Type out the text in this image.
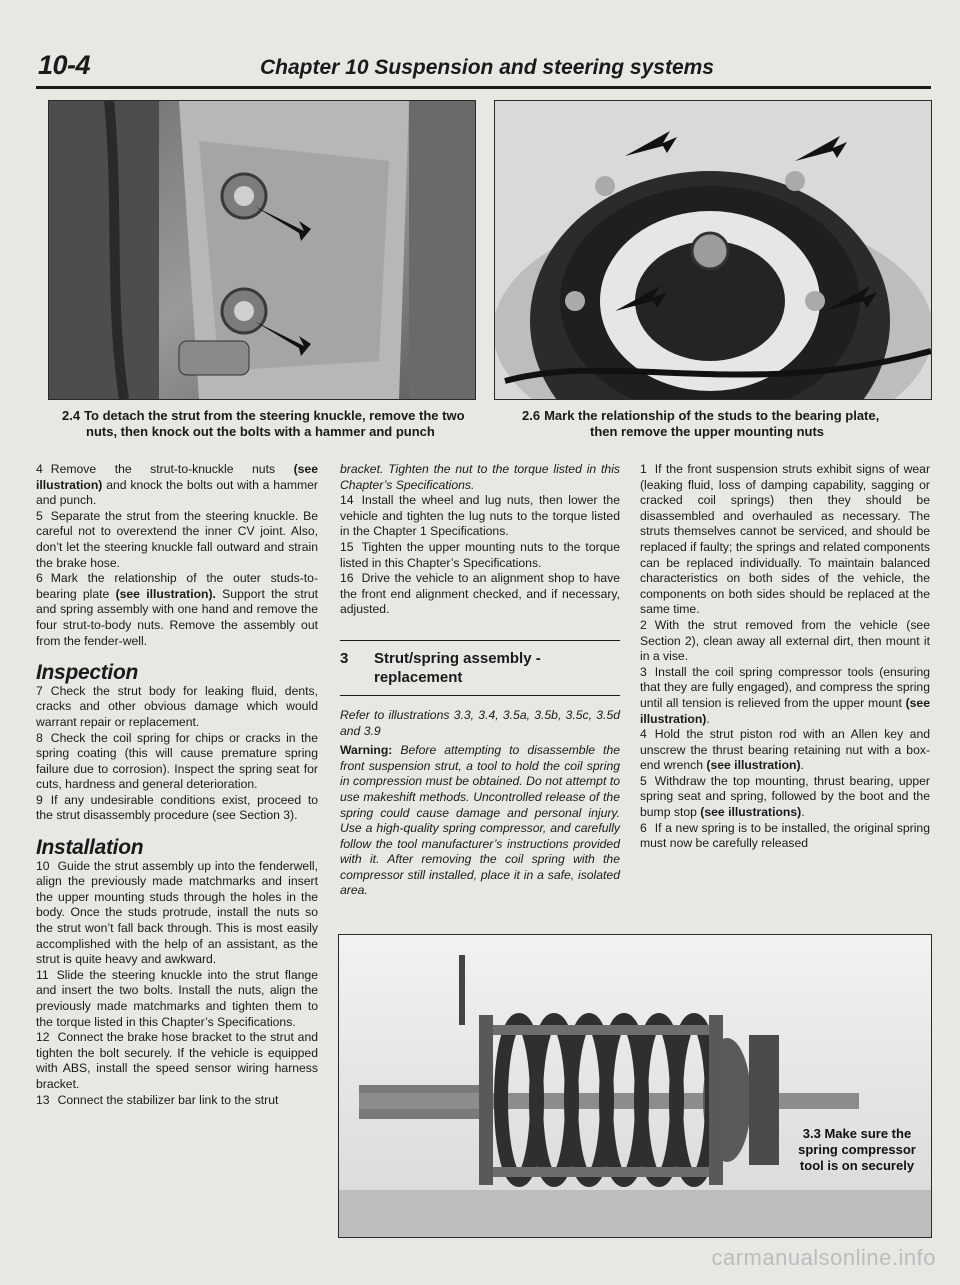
10-4	Chapter 10 Suspension and steering systems
2.4 To detach the strut from the steering knuckle, remove the two
nuts, then knock out the bolts with a hammer and punch
2.6 Mark the relationship of the studs to the bearing plate,
then remove the upper mounting nuts

4 Remove the strut-to-knuckle nuts (see illustration) and knock the bolts out with a hammer and punch.

5 Separate the strut from the steering knuckle. Be careful not to overextend the inner CV joint. Also, don’t let the steering knuckle fall outward and strain the brake hose.

6 Mark the relationship of the outer studs-to-bearing plate (see illustration). Support the strut and spring assembly with one hand and remove the four strut-to-body nuts. Remove the assembly out from the fender-well.

Inspection

7 Check the strut body for leaking fluid, dents, cracks and other obvious damage which would warrant repair or replacement.

8 Check the coil spring for chips or cracks in the spring coating (this will cause premature spring failure due to corrosion). Inspect the spring seat for cuts, hardness and general deterioration.

9 If any undesirable conditions exist, proceed to the strut disassembly procedure (see Section 3).

Installation

10 Guide the strut assembly up into the fenderwell, align the previously made matchmarks and insert the upper mounting studs through the holes in the body. Once the studs protrude, install the nuts so the strut won’t fall back through. This is most easily accomplished with the help of an assistant, as the strut is quite heavy and awkward.

11 Slide the steering knuckle into the strut flange and insert the two bolts. Install the nuts, align the previously made matchmarks and tighten them to the torque listed in this Chapter’s Specifications.

12 Connect the brake hose bracket to the strut and tighten the bolt securely. If the vehicle is equipped with ABS, install the speed sensor wiring harness bracket.

13 Connect the stabilizer bar link to the strut

bracket. Tighten the nut to the torque listed in this Chapter’s Specifications.

14 Install the wheel and lug nuts, then lower the vehicle and tighten the lug nuts to the torque listed in the Chapter 1 Specifications.

15 Tighten the upper mounting nuts to the torque listed in this Chapter’s Specifications.

16 Drive the vehicle to an alignment shop to have the front end alignment checked, and if necessary, adjusted.

3 Strut/spring assembly - replacement

Refer to illustrations 3.3, 3.4, 3.5a, 3.5b, 3.5c, 3.5d and 3.9

Warning: Before attempting to disassemble the front suspension strut, a tool to hold the coil spring in compression must be obtained. Do not attempt to use makeshift methods. Uncontrolled release of the spring could cause damage and personal injury. Use a high-quality spring compressor, and carefully follow the tool manufacturer’s instructions provided with it. After removing the coil spring with the compressor still installed, place it in a safe, isolated area.

1 If the front suspension struts exhibit signs of wear (leaking fluid, loss of damping capability, sagging or cracked coil springs) then they should be disassembled and overhauled as necessary. The struts themselves cannot be serviced, and should be replaced if faulty; the springs and related components can be replaced individually. To maintain balanced characteristics on both sides of the vehicle, the components on both sides should be replaced at the same time.

2 With the strut removed from the vehicle (see Section 2), clean away all external dirt, then mount it in a vise.

3 Install the coil spring compressor tools (ensuring that they are fully engaged), and compress the spring until all tension is relieved from the upper mount (see illustration).

4 Hold the strut piston rod with an Allen key and unscrew the thrust bearing retaining nut with a box-end wrench (see illustration).

5 Withdraw the top mounting, thrust bearing, upper spring seat and spring, followed by the boot and the bump stop (see illustrations).

6 If a new spring is to be installed, the original spring must now be carefully released

3.3 Make sure the
spring compressor
tool is on securely
carmanualsonline.info
